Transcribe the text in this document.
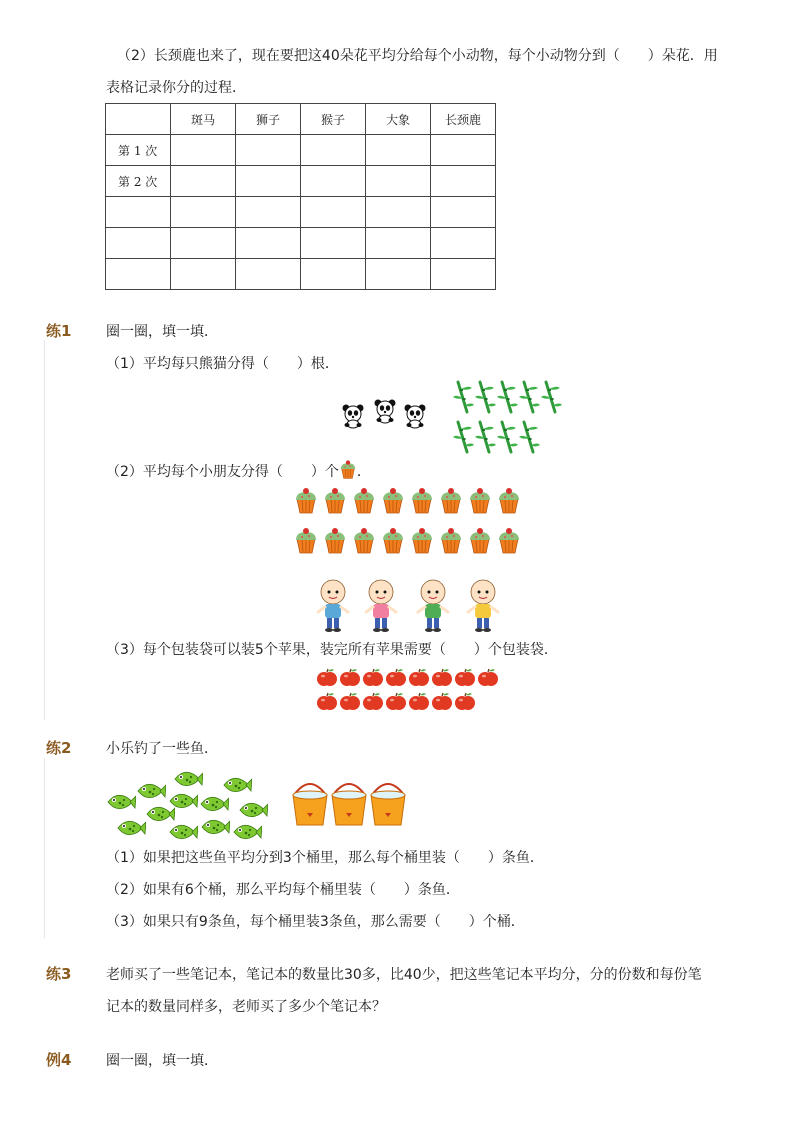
（2）长颈鹿也来了，现在要把这40朵花平均分给每个小动物，每个小动物分到（　　）朵花．用
表格记录你分的过程．
	斑马	狮子	猴子	大象	长颈鹿
第 1 次					
第 2 次					

练1 圈一圈，填一填．
（1）平均每只熊猫分得（　　）根．
（2）平均每个小朋友分得（　　）个 ．
（3）每个包装袋可以装5个苹果，装完所有苹果需要（　　）个包装袋．
练2 小乐钓了一些鱼．
（1）如果把这些鱼平均分到3个桶里，那么每个桶里装（　　）条鱼．
（2）如果有6个桶，那么平均每个桶里装（　　）条鱼．
（3）如果只有9条鱼，每个桶里装3条鱼，那么需要（　　）个桶．
练3 老师买了一些笔记本，笔记本的数量比30多，比40少，把这些笔记本平均分，分的份数和每份笔
记本的数量同样多，老师买了多少个笔记本？
例4 圈一圈，填一填．
